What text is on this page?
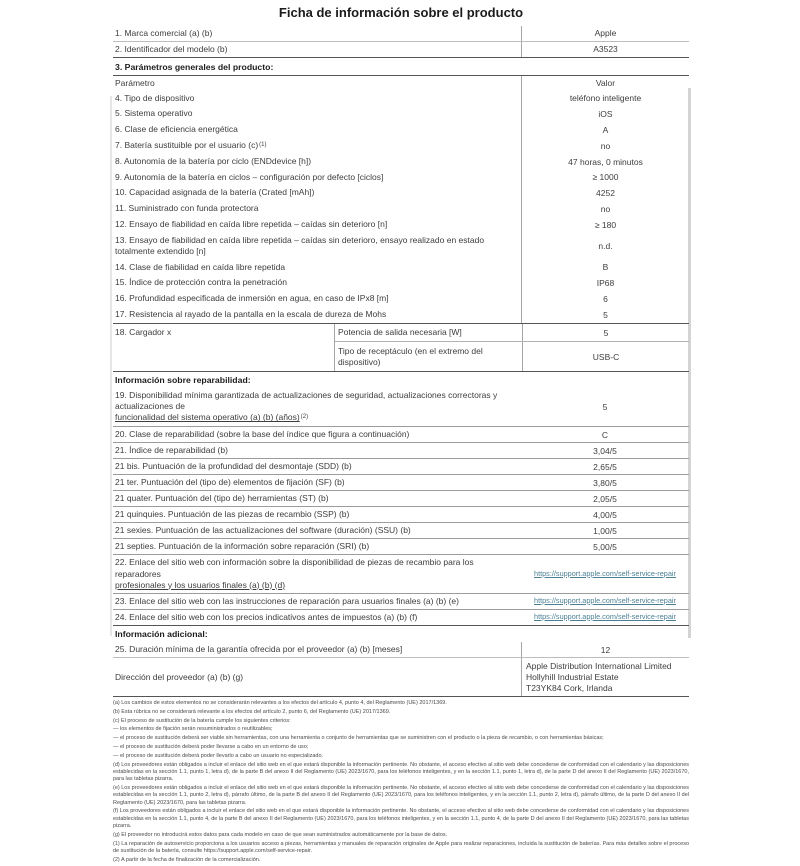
Ficha de información sobre el producto
1. Marca comercial (a) (b)	Apple
2. Identificador del modelo (b)	A3523
3. Parámetros generales del producto:
Parámetro	Valor
4. Tipo de dispositivo	teléfono inteligente
5. Sistema operativo	iOS
6. Clase de eficiencia energética	A
7. Batería sustituible por el usuario $(c)^{(1)}$	no
8. Autonomía de la batería por ciclo (ENDdevice [h])	47 horas, 0 minutos
9. Autonomía de la batería en ciclos – configuración por defecto [ciclos]	≥ 1000
10. Capacidad asignada de la batería (Crated [mAh])	4252
11. Suministrado con funda protectora	no
12. Ensayo de fiabilidad en caída libre repetida – caídas sin deterioro [n]	≥ 180
13. Ensayo de fiabilidad en caída libre repetida – caídas sin deterioro, ensayo realizado en estado totalmente extendido [n]	n.d.
14. Clase de fiabilidad en caída libre repetida	B
15. Índice de protección contra la penetración	IP68
16. Profundidad especificada de inmersión en agua, en caso de IPx8 [m]	6
17. Resistencia al rayado de la pantalla en la escala de dureza de Mohs	5
18. Cargador x	Potencia de salida necesaria [W]	5
Tipo de receptáculo (en el extremo del dispositivo)	USB-C
Información sobre reparabilidad:
19. Disponibilidad mínima garantizada de actualizaciones de seguridad, actualizaciones correctoras y actualizaciones de
funcionalidad del sistema operativo (a) (b) (años)(2)
5
20. Clase de reparabilidad (sobre la base del índice que figura a continuación)	C
21. Índice de reparabilidad (b)	3,04/5
21 bis. Puntuación de la profundidad del desmontaje (SDD) (b)	2,65/5
21 ter. Puntuación del (tipo de) elementos de fijación (SF) (b)	3,80/5
21 quater. Puntuación del (tipo de) herramientas (ST) (b)	2,05/5
21 quinquies. Puntuación de las piezas de recambio (SSP) (b)	4,00/5
21 sexies. Puntuación de las actualizaciones del software (duración) (SSU) (b)	1,00/5
21 septies. Puntuación de la información sobre reparación (SRI) (b)	5,00/5
22. Enlace del sitio web con información sobre la disponibilidad de piezas de recambio para los reparadores
profesionales y los usuarios finales (a) (b) (d)
https://support.apple.com/self-service-repair
23. Enlace del sitio web con las instrucciones de reparación para usuarios finales (a) (b) (e)	https://support.apple.com/self-service-repair
24. Enlace del sitio web con los precios indicativos antes de impuestos (a) (b) (f)	https://support.apple.com/self-service-repair
Información adicional:
25. Duración mínima de la garantía ofrecida por el proveedor (a) (b) [meses]	12
Dirección del proveedor (a) (b) (g)
Apple Distribution International Limited
Hollyhill Industrial Estate
T23YK84 Cork, Irlanda

(a) Los cambios de estos elementos no se considerarán relevantes a los efectos del artículo 4, punto 4, del Reglamento (UE) 2017/1369.

(b) Esta rúbrica no se considerará relevante a los efectos del artículo 2, punto 6, del Reglamento (UE) 2017/1369.

(c) El proceso de sustitución de la batería cumple los siguientes criterios:

— los elementos de fijación serán resuministrados o reutilizables;

— el proceso de sustitución deberá ser viable sin herramientas, con una herramienta o conjunto de herramientas que se suministren con el producto o la pieza de recambio, o con herramientas básicas;

— el proceso de sustitución deberá poder llevarse a cabo en un entorno de uso;

— el proceso de sustitución deberá poder llevarlo a cabo un usuario no especializado.

(d) Los proveedores están obligados a incluir el enlace del sitio web en el que estará disponible la información pertinente. No obstante, el acceso efectivo al sitio web debe concederse de conformidad con el calendario y las disposiciones establecidas en la sección 1.1, punto 1, letra d), de la parte B del anexo II del Reglamento (UE) 2023/1670, para los teléfonos inteligentes, y en la sección 1.1, punto 1, letra d), de la parte D del anexo II del Reglamento (UE) 2023/1670, para las tabletas pizarra.

(e) Los proveedores están obligados a incluir el enlace del sitio web en el que estará disponible la información pertinente. No obstante, el acceso efectivo al sitio web debe concederse de conformidad con el calendario y las disposiciones establecidas en la sección 1.1, punto 2, letra d), párrafo último, de la parte B del anexo II del Reglamento (UE) 2023/1670, para los teléfonos inteligentes, y en la sección 1.1, punto 2, letra d), párrafo último, de la parte D del anexo II del Reglamento (UE) 2023/1670, para las tabletas pizarra.

(f) Los proveedores están obligados a incluir el enlace del sitio web en el que estará disponible la información pertinente. No obstante, el acceso efectivo al sitio web debe concederse de conformidad con el calendario y las disposiciones establecidas en la sección 1.1, punto 4, de la parte B del anexo II del Reglamento (UE) 2023/1670, para los teléfonos inteligentes, y en la sección 1.1, punto 4, de la parte D del anexo II del Reglamento (UE) 2023/1670, para las tabletas pizarra.

(g) El proveedor no introducirá estos datos para cada modelo en caso de que sean suministrados automáticamente por la base de datos.

(1) La reparación de autoservicio proporciona a los usuarios acceso a piezas, herramientas y manuales de reparación originales de Apple para realizar reparaciones, incluida la sustitución de baterías. Para más detalles sobre el proceso de sustitución de la batería, consulte https://support.apple.com/self-service-repair.

(2) A partir de la fecha de finalización de la comercialización.
